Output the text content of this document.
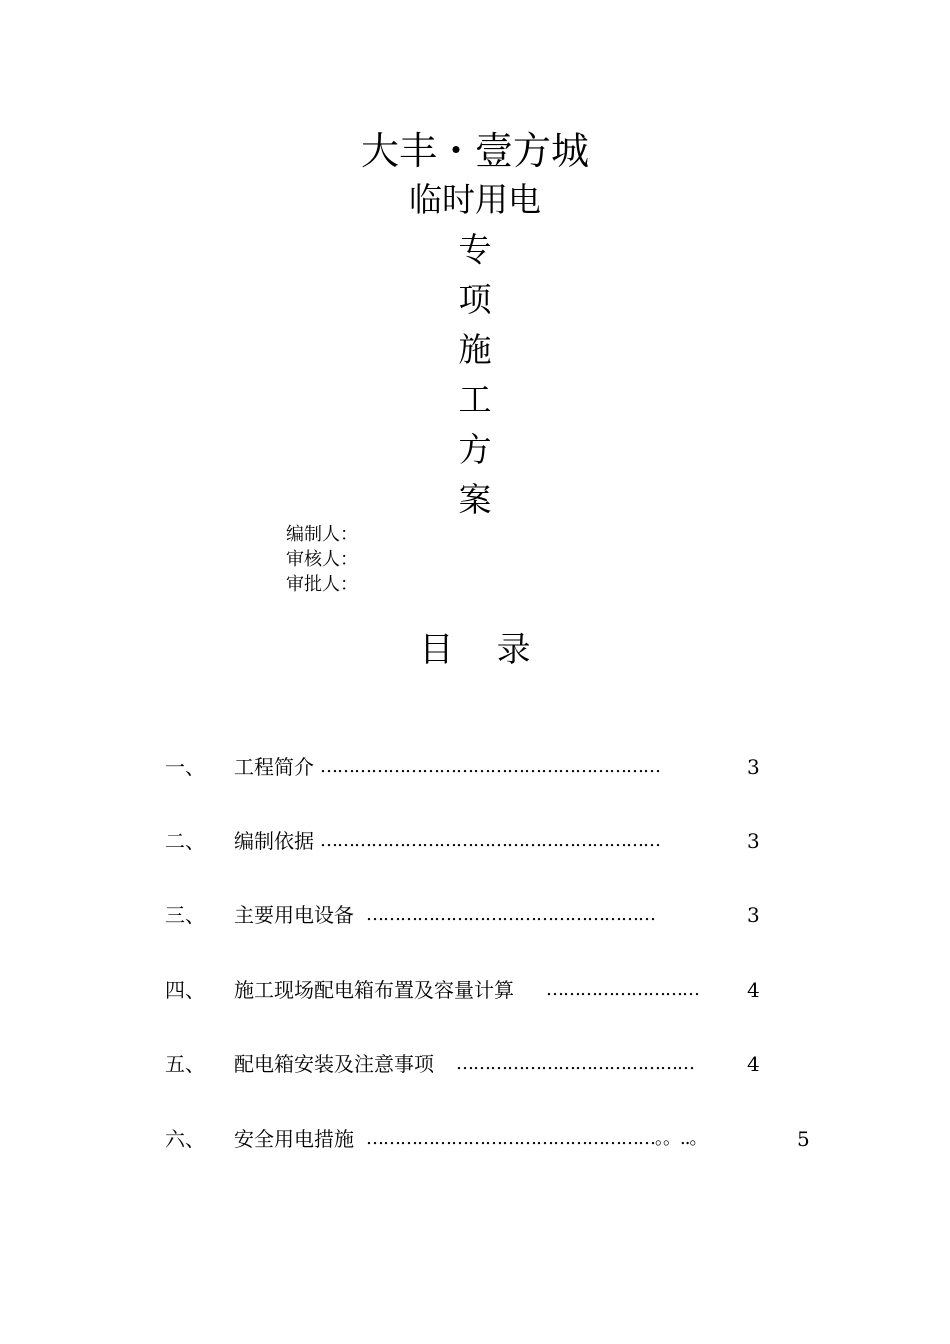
大丰・壹方城
临时用电
专
项
施
工
方
案
编制人：
审核人：
审批人：
目    录
一、 工程简介 ……………………………………………………	3
二、 编制依据 ……………………………………………………	3
三、 主要用电设备 ……………………………………………	3
四、 施工现场配电箱布置及容量计算 ………………………	4
五、 配电箱安装及注意事项 ……………………………………	4
六、 安全用电措施 ……………………………………………。。..。	5
